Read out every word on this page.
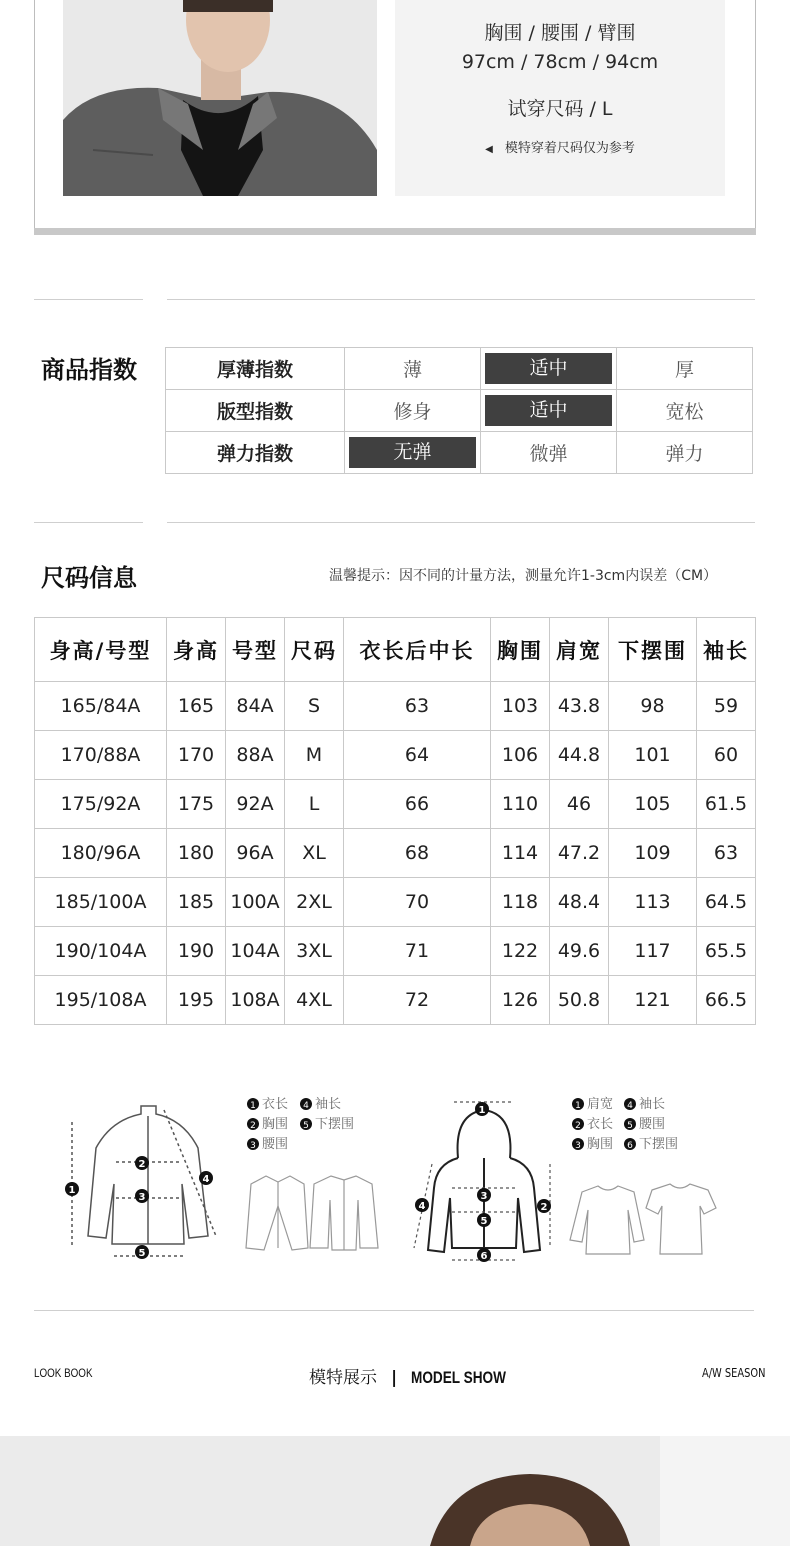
胸围 / 腰围 / 臂围
97cm / 78cm / 94cm
试穿尺码 / L
◀ 模特穿着尺码仅为参考
商品指数	厚薄指数	薄	适中	厚
版型指数	修身	适中	宽松
弹力指数	无弹	微弹	弹力
尺码信息	温馨提示：因不同的计量方法，测量允许1-3cm内误差（CM）
身高/号型	身高	号型	尺码	衣长后中长	胸围	肩宽	下摆围	袖长
165/84A	165	84A	S	63	103	43.8	98	59
170/88A	170	88A	M	64	106	44.8	101	60
175/92A	175	92A	L	66	110	46	105	61.5
180/96A	180	96A	XL	68	114	47.2	109	63
185/100A	185	100A	2XL	70	118	48.4	113	64.5
190/104A	190	104A	3XL	71	122	49.6	117	65.5
195/108A	195	108A	4XL	72	126	50.8	121	66.5
1
2
3
4
5
1 衣长 4 袖长
2 胸围 5 下摆围
3 腰围
1
2
3
4
5
6
1 肩宽 4 袖长
2 衣长 5 腰围
3 胸围 6 下摆围
LOOK BOOK	模特展示 | MODEL SHOW	A/W SEASON
